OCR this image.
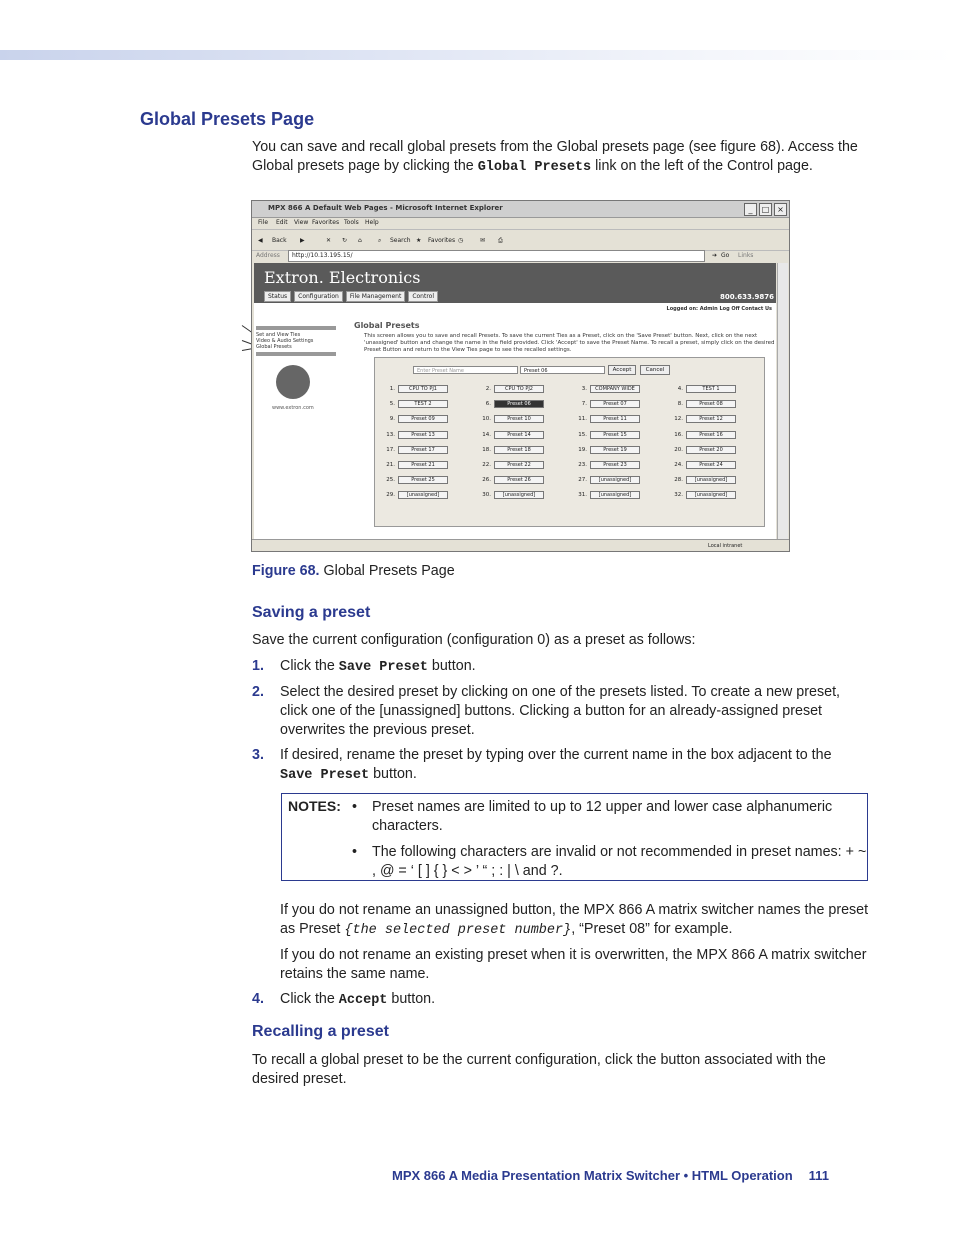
Global Presets Page

You can save and recall global presets from the Global presets page (see figure 68). Access the Global presets page by clicking the Global Presets link on the left of the Control page.

MPX 866 A Default Web Pages - Microsoft Internet Explorer	_	□ ×
File Edit View Favorites Tools Help
◀ Back ▶	✕ ↻ ⌂	⌕ Search ★ Favorites ◷	✉ ⎙
Address http://10.13.195.15/	➔ Go Links
Extron. Electronics
800.633.9876
Status	Configuration	File Management	Control
Logged on: Admin Log Off Contact Us
Set and View Ties
Video & Audio Settings
Global Presets
www.extron.com
Global Presets
This screen allows you to save and recall Presets. To save the current Ties as a Preset, click on the 'Save Preset' button. Next, click on the next 'unassigned' button and change the name in the field provided. Click 'Accept' to save the Preset Name. To recall a preset, simply click on the desired Preset Button and return to the View Ties page to see the recalled settings.
Enter Preset Name	Preset 06	Accept	Cancel
1.	CPU TO PJ1	2.	CPU TO PJ2	3.	COMPANY WIDE	4.	TEST 1
5.	TEST 2	6.	Preset 06	7.	Preset 07	8.	Preset 08
9.	Preset 09	10.	Preset 10	11.	Preset 11	12.	Preset 12
13.	Preset 13	14.	Preset 14	15.	Preset 15	16.	Preset 16
17.	Preset 17	18.	Preset 18	19.	Preset 19	20.	Preset 20
21.	Preset 21	22.	Preset 22	23.	Preset 23	24.	Preset 24
25.	Preset 25	26.	Preset 26	27.	[unassigned]	28.	[unassigned]
29.	[unassigned]	30.	[unassigned]	31.	[unassigned]	32.	[unassigned]
Local intranet
Figure 68. Global Presets Page
Saving a preset

Save the current configuration (configuration 0) as a preset as follows:

1. Click the Save Preset button.
2. Select the desired preset by clicking on one of the presets listed. To create a new preset, click one of the [unassigned] buttons. Clicking a button for an already-assigned preset overwrites the previous preset.
3. If desired, rename the preset by typing over the current name in the box adjacent to the Save Preset button.
NOTES: • Preset names are limited to up to 12 upper and lower case alphanumeric characters.
• The following characters are invalid or not recommended in preset names: + ~ , @ = ‘ [ ] { } < > ’ “ ; : | \ and ?.

If you do not rename an unassigned button, the MPX 866 A matrix switcher names the preset as Preset {the selected preset number}, “Preset 08” for example.

If you do not rename an existing preset when it is overwritten, the MPX 866 A matrix switcher retains the same name.

4. Click the Accept button.
Recalling a preset

To recall a global preset to be the current configuration, click the button associated with the desired preset.

MPX 866 A Media Presentation Matrix Switcher • HTML Operation 111
